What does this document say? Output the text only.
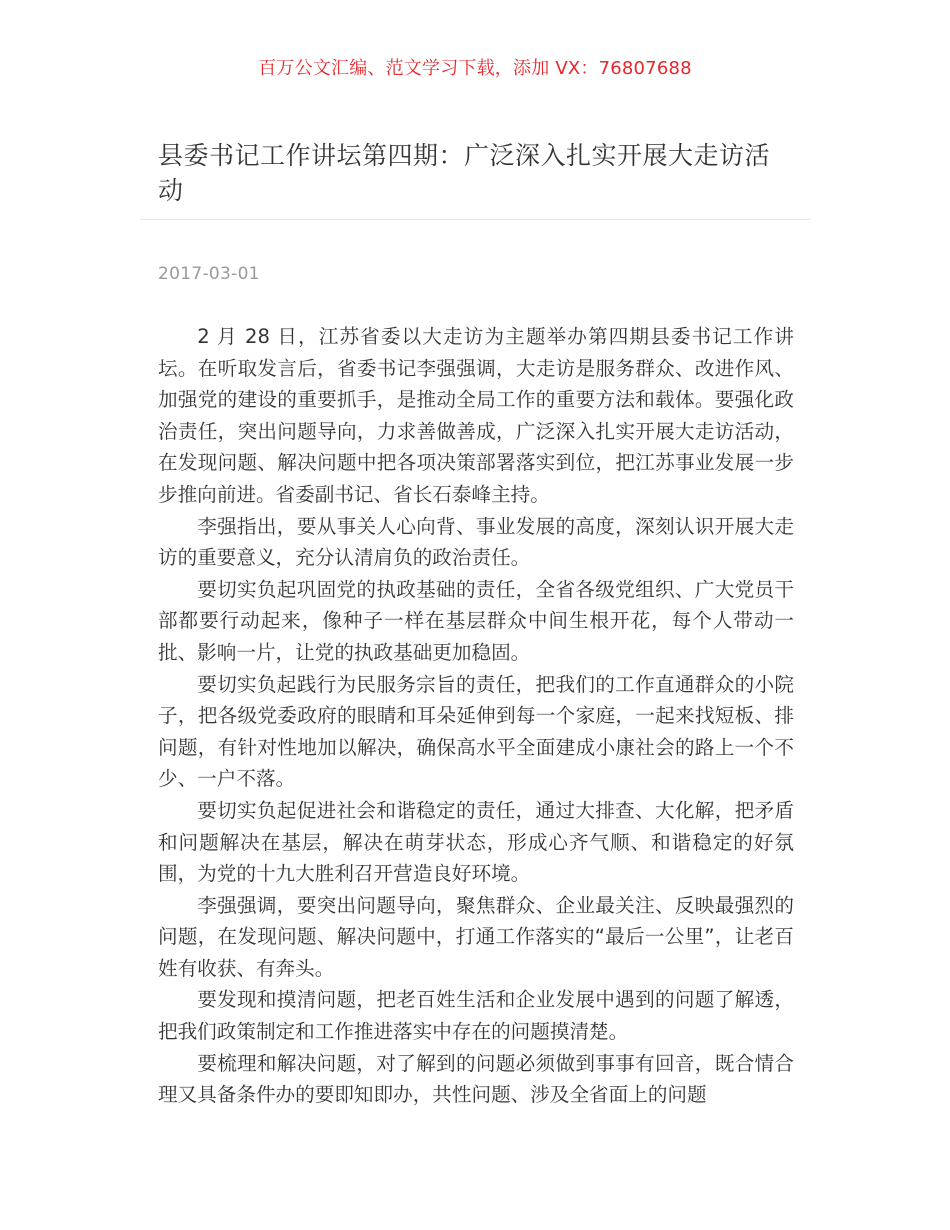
百万公文汇编、范文学习下载，添加 VX：76807688
县委书记工作讲坛第四期：广泛深入扎实开展大走访活动
2017-03-01

2 月 28 日，江苏省委以大走访为主题举办第四期县委书记工作讲坛。在听取发言后，省委书记李强强调，大走访是服务群众、改进作风、加强党的建设的重要抓手，是推动全局工作的重要方法和载体。要强化政治责任，突出问题导向，力求善做善成，广泛深入扎实开展大走访活动，在发现问题、解决问题中把各项决策部署落实到位，把江苏事业发展一步步推向前进。省委副书记、省长石泰峰主持。

李强指出，要从事关人心向背、事业发展的高度，深刻认识开展大走访的重要意义，充分认清肩负的政治责任。

要切实负起巩固党的执政基础的责任，全省各级党组织、广大党员干部都要行动起来，像种子一样在基层群众中间生根开花，每个人带动一批、影响一片，让党的执政基础更加稳固。

要切实负起践行为民服务宗旨的责任，把我们的工作直通群众的小院子，把各级党委政府的眼睛和耳朵延伸到每一个家庭，一起来找短板、排问题，有针对性地加以解决，确保高水平全面建成小康社会的路上一个不少、一户不落。

要切实负起促进社会和谐稳定的责任，通过大排查、大化解，把矛盾和问题解决在基层，解决在萌芽状态，形成心齐气顺、和谐稳定的好氛围，为党的十九大胜利召开营造良好环境。

李强强调，要突出问题导向，聚焦群众、企业最关注、反映最强烈的问题，在发现问题、解决问题中，打通工作落实的“最后一公里”，让老百姓有收获、有奔头。

要发现和摸清问题，把老百姓生活和企业发展中遇到的问题了解透，把我们政策制定和工作推进落实中存在的问题摸清楚。

要梳理和解决问题，对了解到的问题必须做到事事有回音，既合情合理又具备条件办的要即知即办，共性问题、涉及全省面上的问题
